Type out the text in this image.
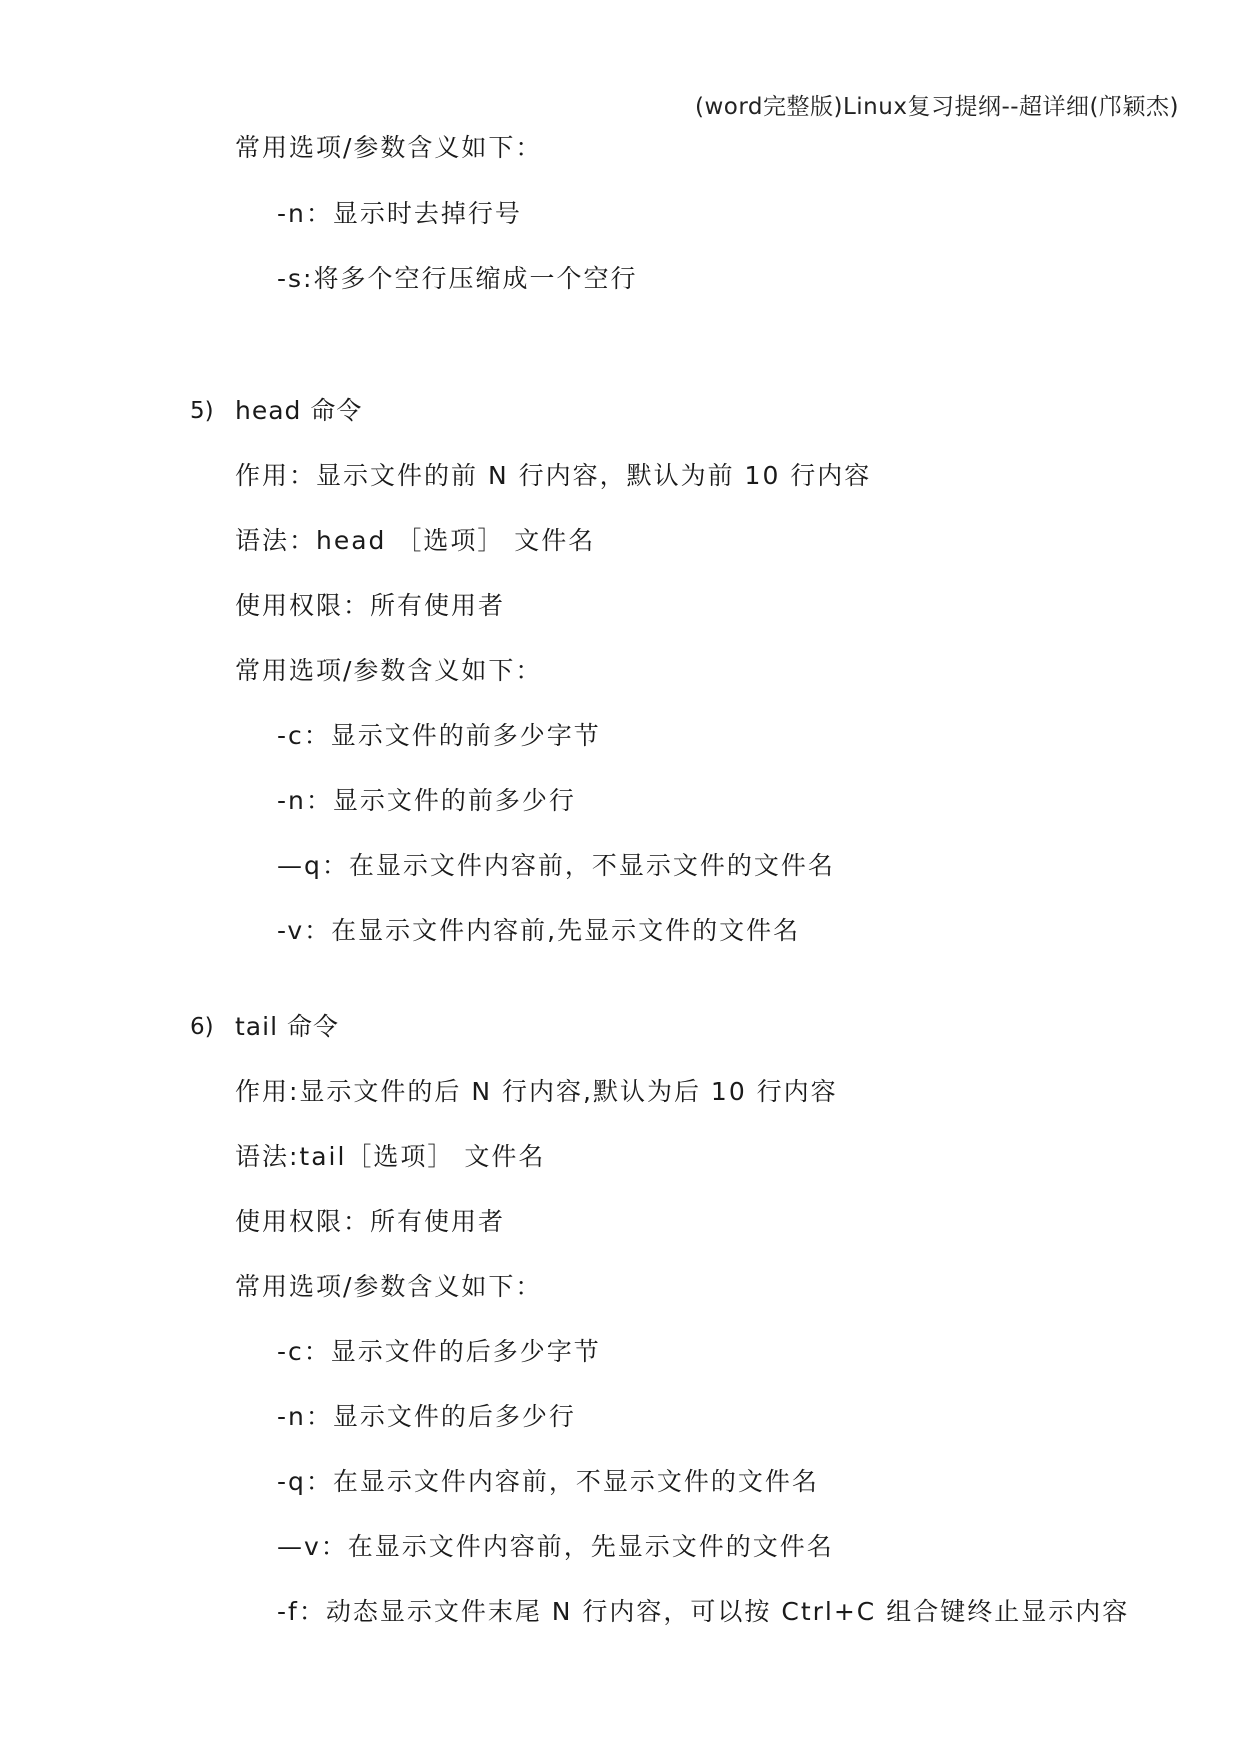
(word完整版)Linux复习提纲--超详细(邝颖杰)
常用选项/参数含义如下：
-n：显示时去掉行号
-s:将多个空行压缩成一个空行
5) head 命令
作用：显示文件的前 N 行内容，默认为前 10 行内容
语法：head ［选项］ 文件名
使用权限：所有使用者
常用选项/参数含义如下：
-c：显示文件的前多少字节
-n：显示文件的前多少行
—q：在显示文件内容前，不显示文件的文件名
-v：在显示文件内容前,先显示文件的文件名
6) tail 命令
作用:显示文件的后 N 行内容,默认为后 10 行内容
语法:tail［选项］ 文件名
使用权限：所有使用者
常用选项/参数含义如下：
-c：显示文件的后多少字节
-n：显示文件的后多少行
-q：在显示文件内容前，不显示文件的文件名
—v：在显示文件内容前，先显示文件的文件名
-f：动态显示文件末尾 N 行内容，可以按 Ctrl+C 组合键终止显示内容
